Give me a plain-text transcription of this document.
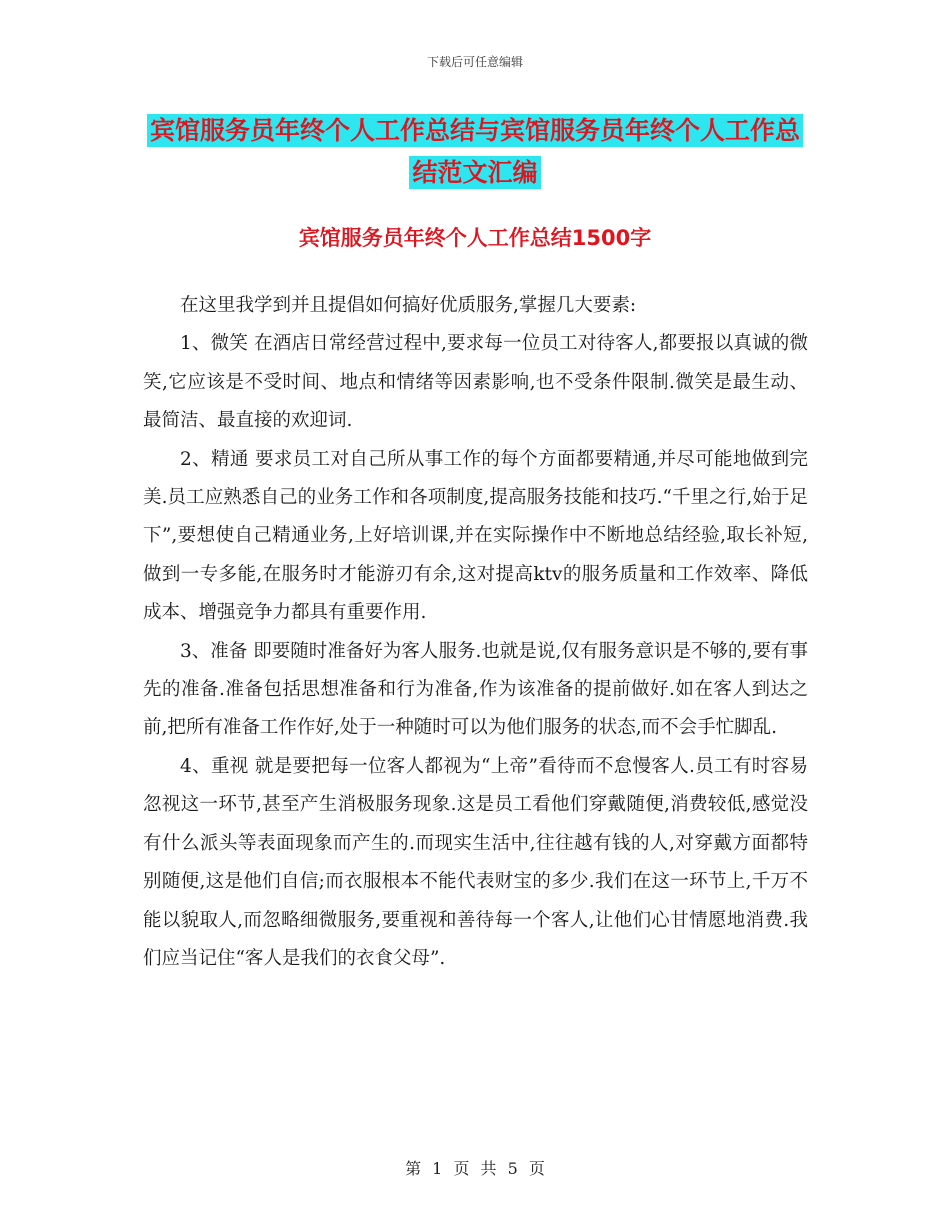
下载后可任意编辑
宾馆服务员年终个人工作总结与宾馆服务员年终个人工作总结范文汇编
宾馆服务员年终个人工作总结1500字

在这里我学到并且提倡如何搞好优质服务,掌握几大要素:

1、微笑 在酒店日常经营过程中,要求每一位员工对待客人,都要报以真诚的微笑,它应该是不受时间、地点和情绪等因素影响,也不受条件限制.微笑是最生动、最简洁、最直接的欢迎词.

2、精通 要求员工对自己所从事工作的每个方面都要精通,并尽可能地做到完美.员工应熟悉自己的业务工作和各项制度,提高服务技能和技巧.“千里之行,始于足下”,要想使自己精通业务,上好培训课,并在实际操作中不断地总结经验,取长补短,做到一专多能,在服务时才能游刃有余,这对提高ktv的服务质量和工作效率、降低成本、增强竞争力都具有重要作用.

3、准备 即要随时准备好为客人服务.也就是说,仅有服务意识是不够的,要有事先的准备.准备包括思想准备和行为准备,作为该准备的提前做好.如在客人到达之前,把所有准备工作作好,处于一种随时可以为他们服务的状态,而不会手忙脚乱.

4、重视 就是要把每一位客人都视为“上帝”看待而不怠慢客人.员工有时容易忽视这一环节,甚至产生消极服务现象.这是员工看他们穿戴随便,消费较低,感觉没有什么派头等表面现象而产生的.而现实生活中,往往越有钱的人,对穿戴方面都特别随便,这是他们自信;而衣服根本不能代表财宝的多少.我们在这一环节上,千万不能以貌取人,而忽略细微服务,要重视和善待每一个客人,让他们心甘情愿地消费.我们应当记住“客人是我们的衣食父母”.

第 1 页 共 5 页
